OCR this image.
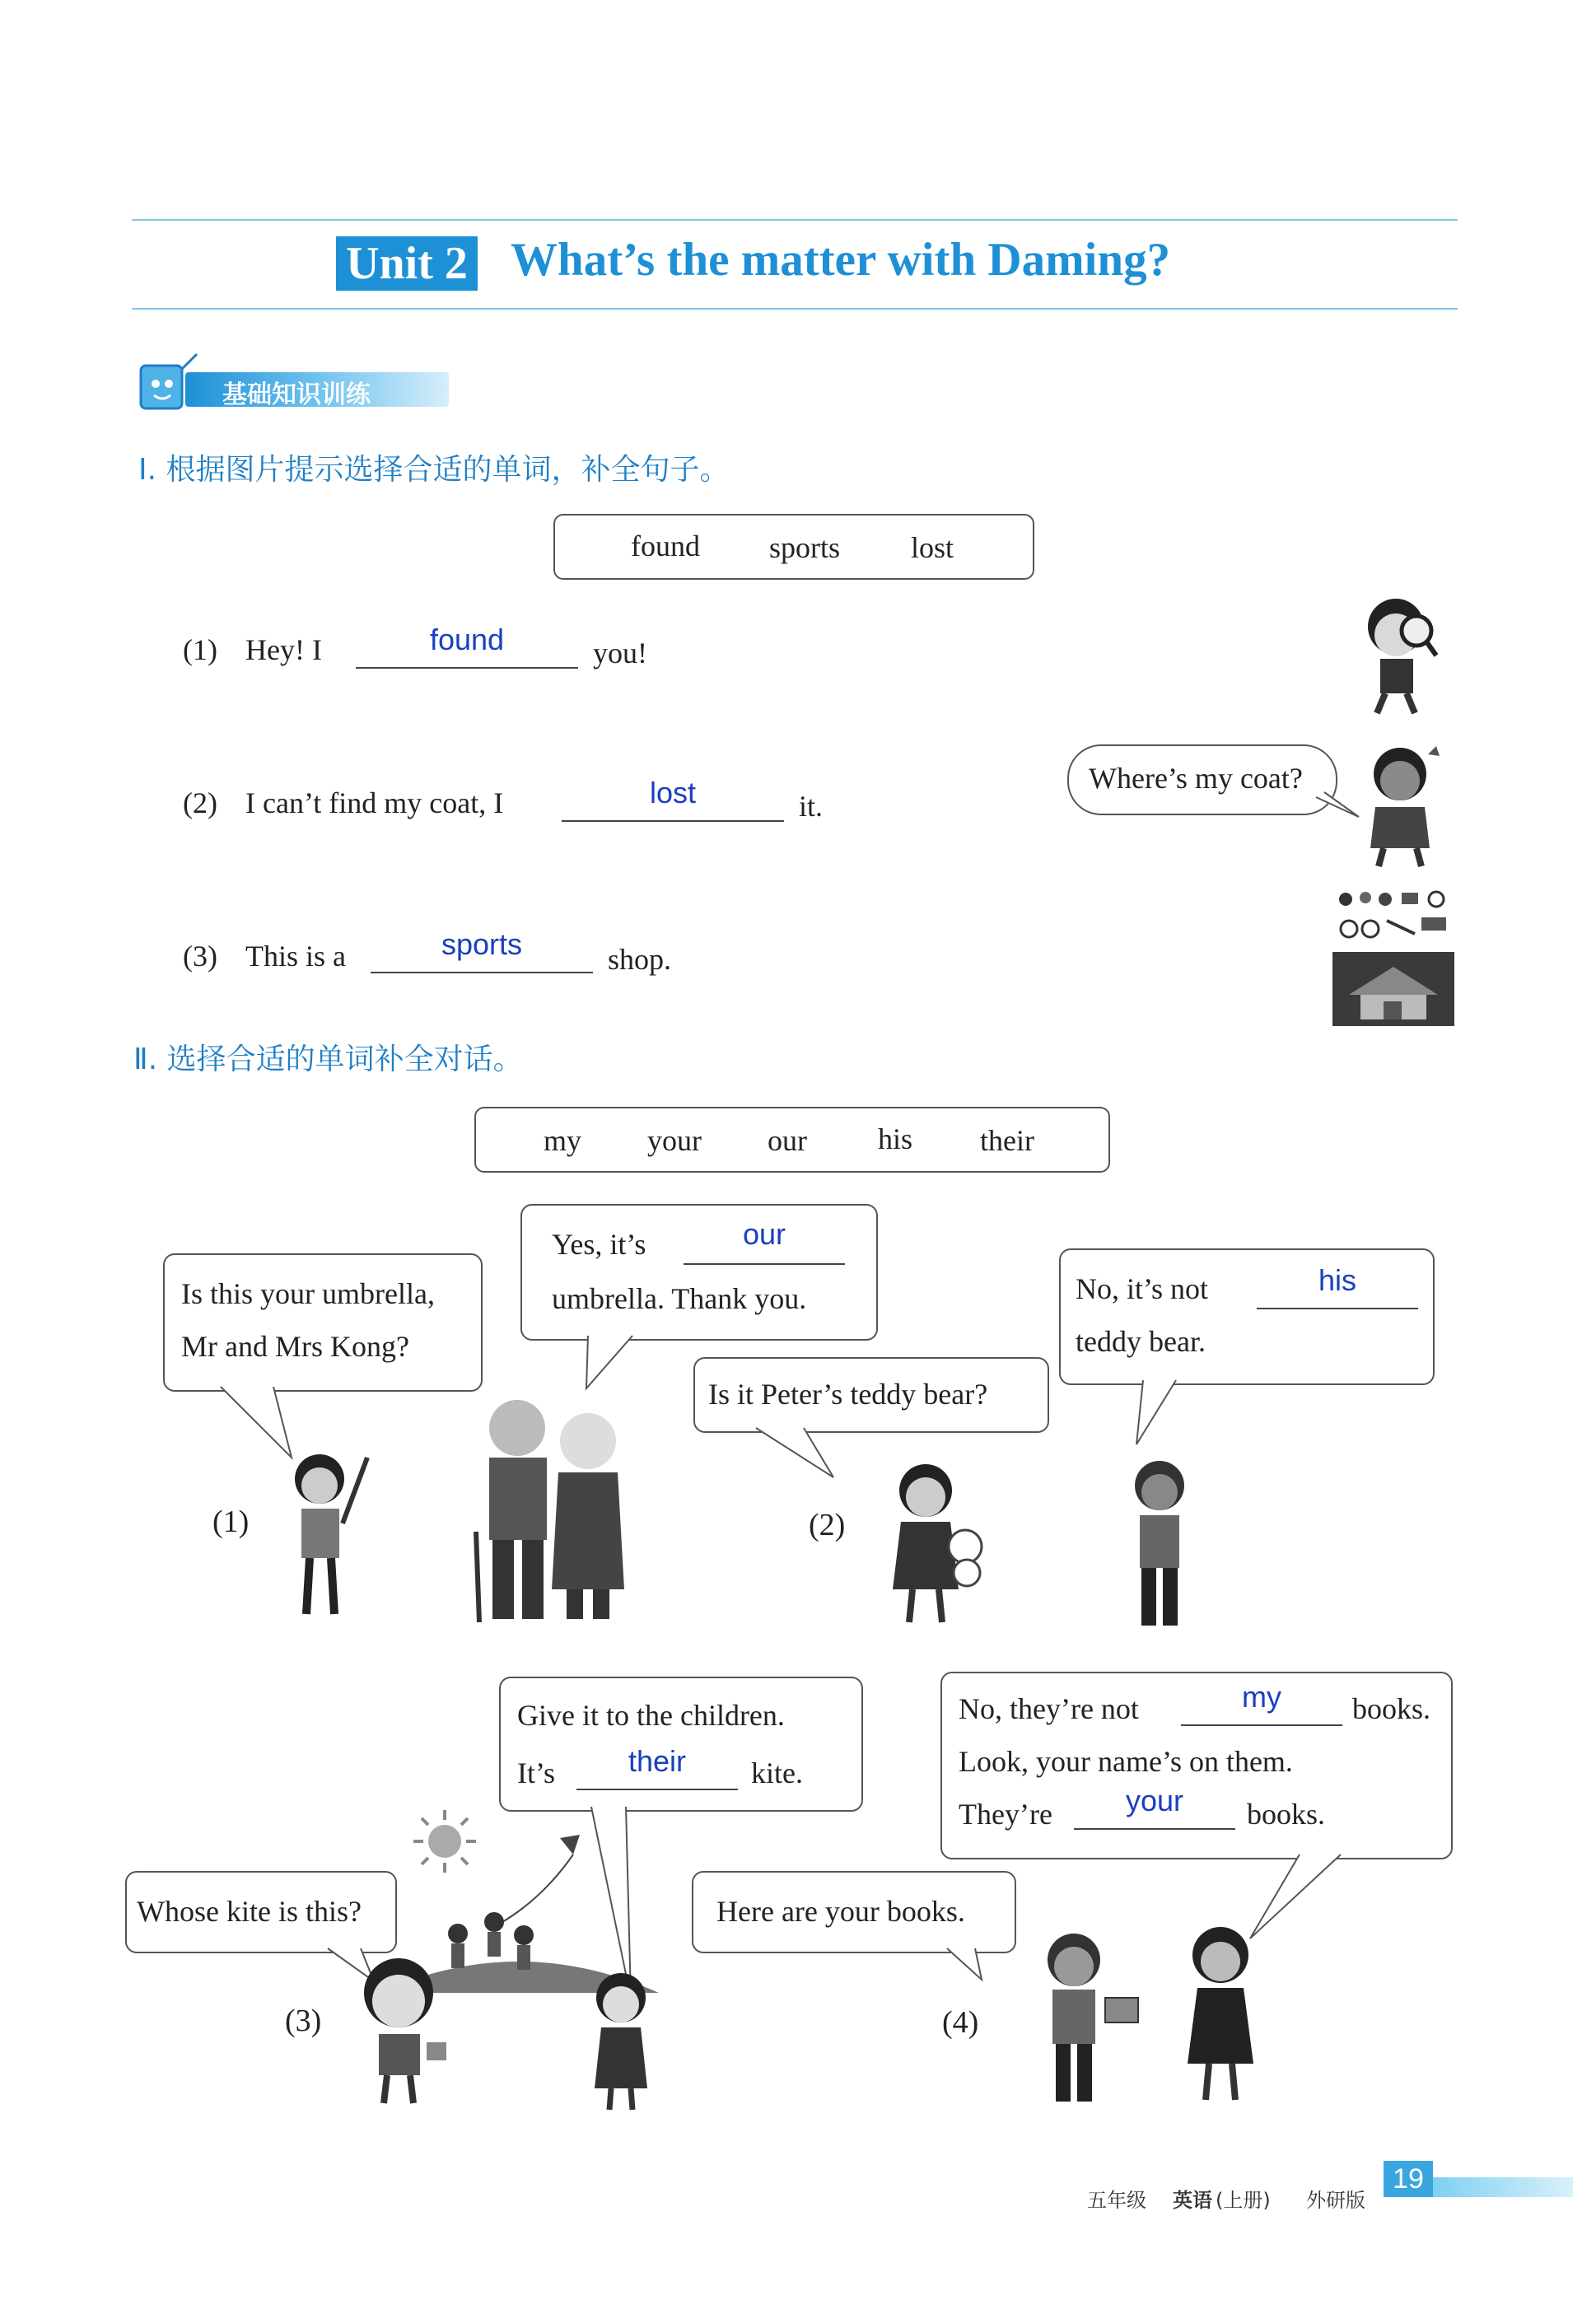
Unit 2 What’s the matter with Daming?
基础知识训练
Ⅰ. 根据图片提示选择合适的单词，补全句子。
found sports lost
(1) Hey! I	found	you!
(2) I can’t find my coat, I	lost	it.
(3) This is a	sports	shop.
Where’s my coat?
Ⅱ. 选择合适的单词补全对话。
my your our his their
Is this your umbrella,
Mr and Mrs Kong?
Yes, it’s	our
umbrella. Thank you.
(1)
Is it Peter’s teddy bear?
No, it’s not	his
teddy bear.
(2)
Give it to the children.
It’s	their	kite.
Whose kite is this?
(3)
No, they’re not	my	books.
Look, your name’s on them.
They’re	your	books.
Here are your books.
(4)
五年级 英语 (上册) 外研版
19
